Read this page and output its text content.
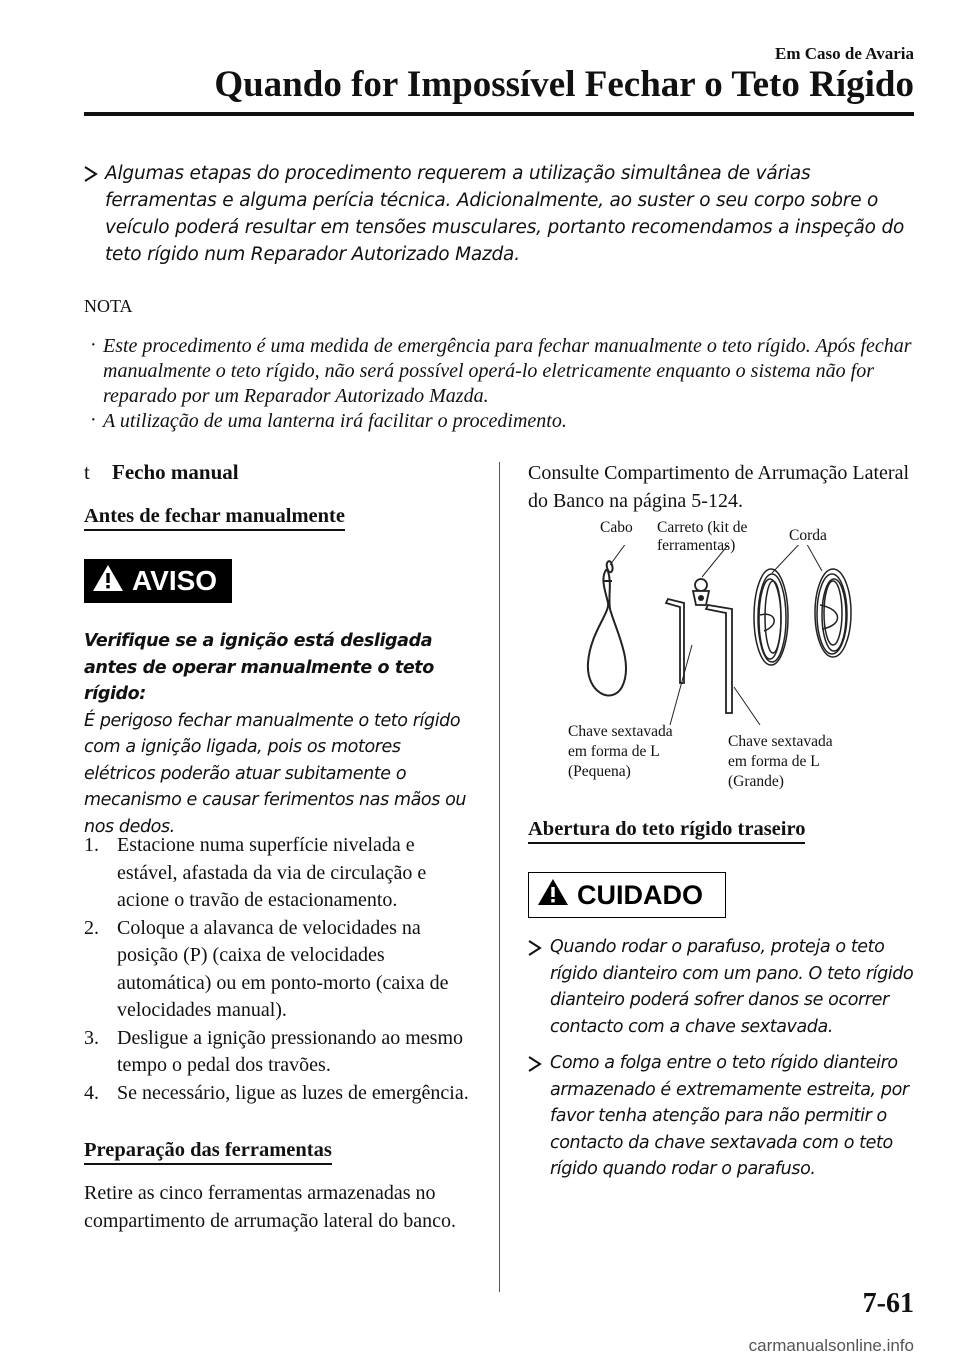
Em Caso de Avaria
Quando for Impossível Fechar o Teto Rígido
Algumas etapas do procedimento requerem a utilização simultânea de várias ferramentas e alguma perícia técnica. Adicionalmente, ao suster o seu corpo sobre o veículo poderá resultar em tensões musculares, portanto recomendamos a inspeção do teto rígido num Reparador Autorizado Mazda.
NOTA
· Este procedimento é uma medida de emergência para fechar manualmente o teto rígido. Após fechar manualmente o teto rígido, não será possível operá-lo eletricamente enquanto o sistema não for reparado por um Reparador Autorizado Mazda.
· A utilização de uma lanterna irá facilitar o procedimento.
t Fecho manual
Antes de fechar manualmente
AVISO
Verifique se a ignição está desligada antes de operar manualmente o teto rígido:
É perigoso fechar manualmente o teto rígido com a ignição ligada, pois os motores elétricos poderão atuar subitamente o mecanismo e causar ferimentos nas mãos ou nos dedos.
1. Estacione numa superfície nivelada e estável, afastada da via de circulação e acione o travão de estacionamento.
2. Coloque a alavanca de velocidades na posição (P) (caixa de velocidades automática) ou em ponto-morto (caixa de velocidades manual).
3. Desligue a ignição pressionando ao mesmo tempo o pedal dos travões.
4. Se necessário, ligue as luzes de emergência.
Preparação das ferramentas
Retire as cinco ferramentas armazenadas no compartimento de arrumação lateral do banco.
Consulte Compartimento de Arrumação Lateral do Banco na página 5-124.
Cabo Carreto (kit de
ferramentas)
Corda
Chave sextavada
em forma de L
(Pequena)
Chave sextavada
em forma de L
(Grande)
Abertura do teto rígido traseiro
CUIDADO
Quando rodar o parafuso, proteja o teto rígido dianteiro com um pano. O teto rígido dianteiro poderá sofrer danos se ocorrer contacto com a chave sextavada.
Como a folga entre o teto rígido dianteiro armazenado é extremamente estreita, por favor tenha atenção para não permitir o contacto da chave sextavada com o teto rígido quando rodar o parafuso.
7-61
carmanualsonline.info
